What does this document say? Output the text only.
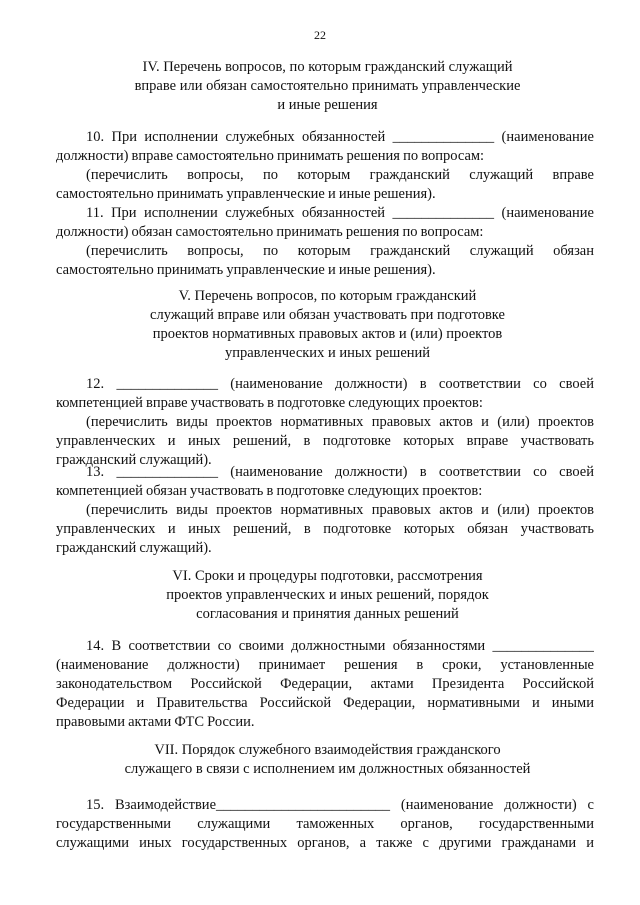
22
IV. Перечень вопросов, по которым гражданский служащий
вправе или обязан самостоятельно принимать управленческие
и иные решения
10. При исполнении служебных обязанностей ______________ (наименование
должности) вправе самостоятельно принимать решения по вопросам:
(перечислить вопросы, по которым гражданский служащий вправе
самостоятельно принимать управленческие и иные решения).
11. При исполнении служебных обязанностей ______________ (наименование
должности) обязан самостоятельно принимать решения по вопросам:
(перечислить вопросы, по которым гражданский служащий обязан
самостоятельно принимать управленческие и иные решения).
V. Перечень вопросов, по которым гражданский
служащий вправе или обязан участвовать при подготовке
проектов нормативных правовых актов и (или) проектов
управленческих и иных решений
12. ______________ (наименование должности) в соответствии со своей
компетенцией вправе участвовать в подготовке следующих проектов:
(перечислить виды проектов нормативных правовых актов и (или) проектов
управленческих и иных решений, в подготовке которых вправе участвовать
гражданский служащий).
13. ______________ (наименование должности) в соответствии со своей
компетенцией обязан участвовать в подготовке следующих проектов:
(перечислить виды проектов нормативных правовых актов и (или) проектов
управленческих и иных решений, в подготовке которых обязан участвовать
гражданский служащий).
VI. Сроки и процедуры подготовки, рассмотрения
проектов управленческих и иных решений, порядок
согласования и принятия данных решений
14. В соответствии со своими должностными обязанностями ______________
(наименование должности) принимает решения в сроки, установленные
законодательством Российской Федерации, актами Президента Российской
Федерации и Правительства Российской Федерации, нормативными и иными
правовыми актами ФТС России.
VII. Порядок служебного взаимодействия гражданского
служащего в связи с исполнением им должностных обязанностей
15. Взаимодействие________________________ (наименование должности) с
государственными служащими таможенных органов, государственными
служащими иных государственных органов, а также с другими гражданами и
